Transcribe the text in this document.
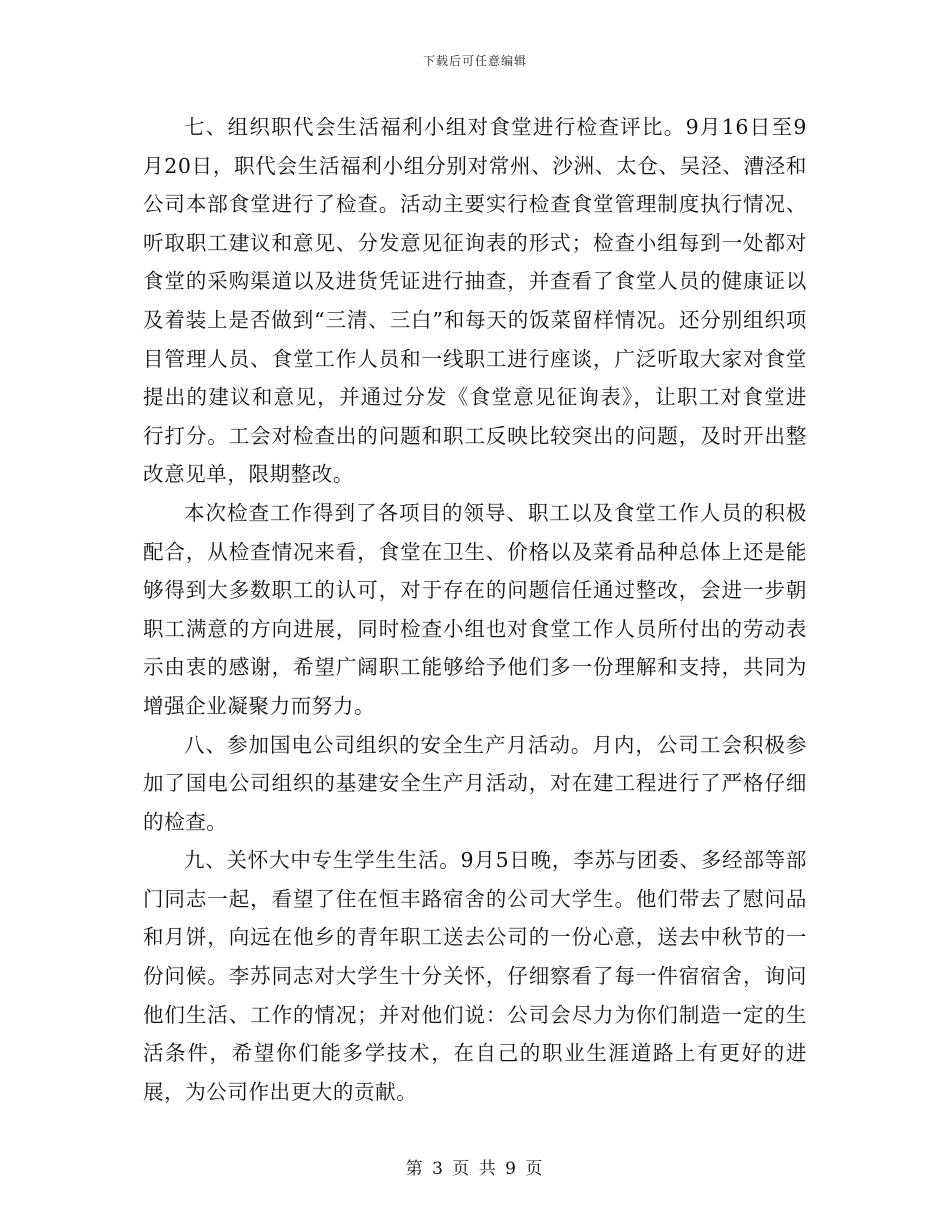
下载后可任意编辑

七、组织职代会生活福利小组对食堂进行检查评比。9月16日至9月20日，职代会生活福利小组分别对常州、沙洲、太仓、吴泾、漕泾和公司本部食堂进行了检查。活动主要实行检查食堂管理制度执行情况、听取职工建议和意见、分发意见征询表的形式；检查小组每到一处都对食堂的采购渠道以及进货凭证进行抽查，并查看了食堂人员的健康证以及着装上是否做到“三清、三白”和每天的饭菜留样情况。还分别组织项目管理人员、食堂工作人员和一线职工进行座谈，广泛听取大家对食堂提出的建议和意见，并通过分发《食堂意见征询表》，让职工对食堂进行打分。工会对检查出的问题和职工反映比较突出的问题，及时开出整改意见单，限期整改。

本次检查工作得到了各项目的领导、职工以及食堂工作人员的积极配合，从检查情况来看，食堂在卫生、价格以及菜肴品种总体上还是能够得到大多数职工的认可，对于存在的问题信任通过整改，会进一步朝职工满意的方向进展，同时检查小组也对食堂工作人员所付出的劳动表示由衷的感谢，希望广阔职工能够给予他们多一份理解和支持，共同为增强企业凝聚力而努力。

八、参加国电公司组织的安全生产月活动。月内，公司工会积极参加了国电公司组织的基建安全生产月活动，对在建工程进行了严格仔细的检查。

九、关怀大中专生学生生活。9月5日晚，李苏与团委、多经部等部门同志一起，看望了住在恒丰路宿舍的公司大学生。他们带去了慰问品和月饼，向远在他乡的青年职工送去公司的一份心意，送去中秋节的一份问候。李苏同志对大学生十分关怀，仔细察看了每一件宿宿舍，询问他们生活、工作的情况；并对他们说：公司会尽力为你们制造一定的生活条件，希望你们能多学技术，在自己的职业生涯道路上有更好的进展，为公司作出更大的贡献。

第 3 页 共 9 页
